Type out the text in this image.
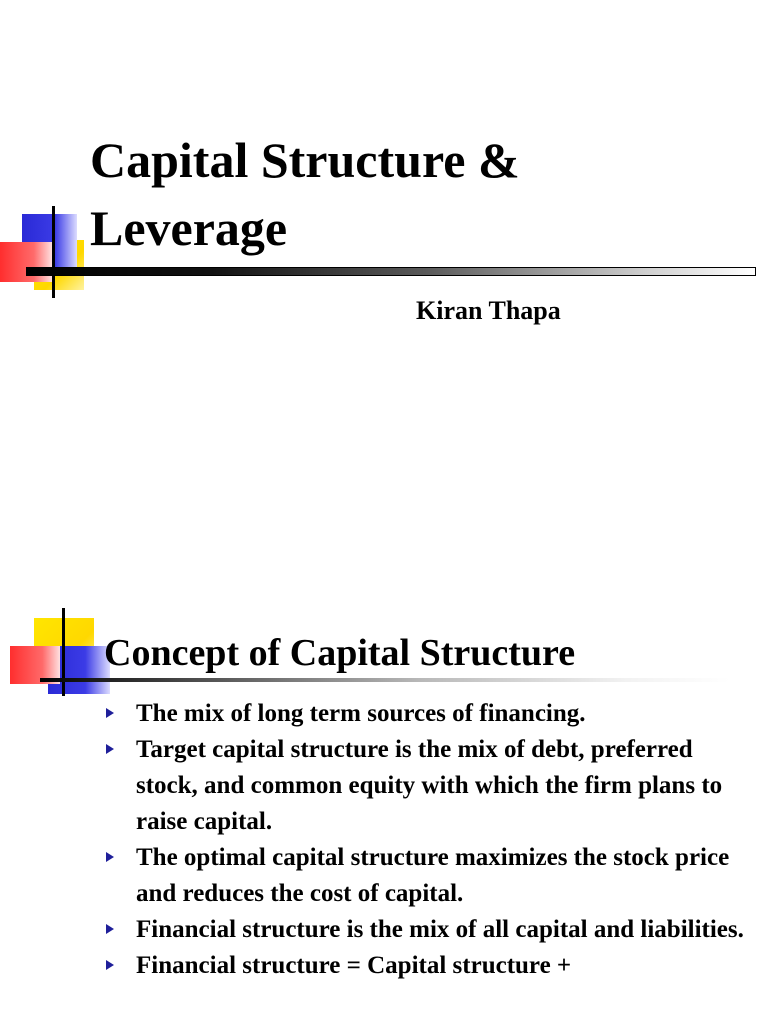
Capital Structure &
Leverage

Kiran Thapa

Concept of Capital Structure
The mix of long term sources of financing.
Target capital structure is the mix of debt, preferred stock, and common equity with which the firm plans to raise capital.
The optimal capital structure maximizes the stock price and reduces the cost of capital.
Financial structure is the mix of all capital and liabilities.
Financial structure = Capital structure +
